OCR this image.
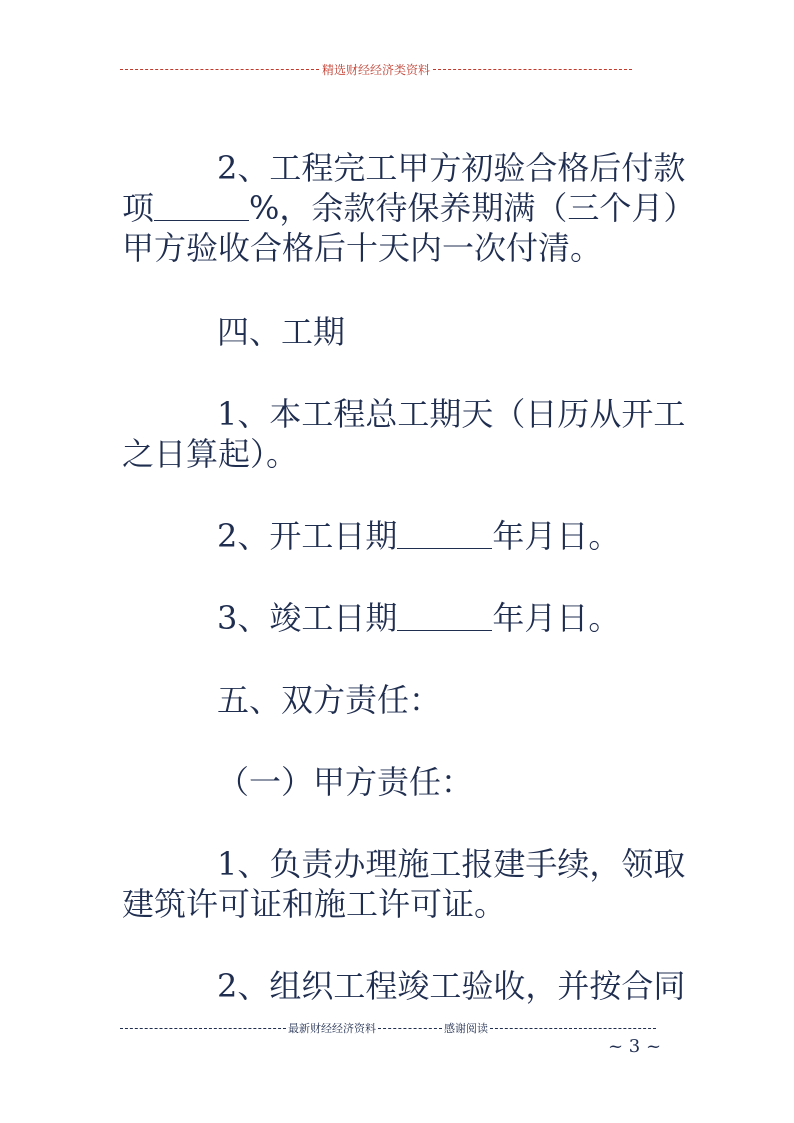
精选财经经济类资料

2、工程完工甲方初验合格后付款

项	%，余款待保养期满（三个月）

甲方验收合格后十天内一次付清。

四、工期

1、本工程总工期天（日历从开工

之日算起）。

2、开工日期	年月日。

3、竣工日期	年月日。

五、双方责任：

（一）甲方责任：

1、负责办理施工报建手续，领取

建筑许可证和施工许可证。

2、组织工程竣工验收，并按合同

最新财经经济资料	感谢阅读
~ 3 ~
